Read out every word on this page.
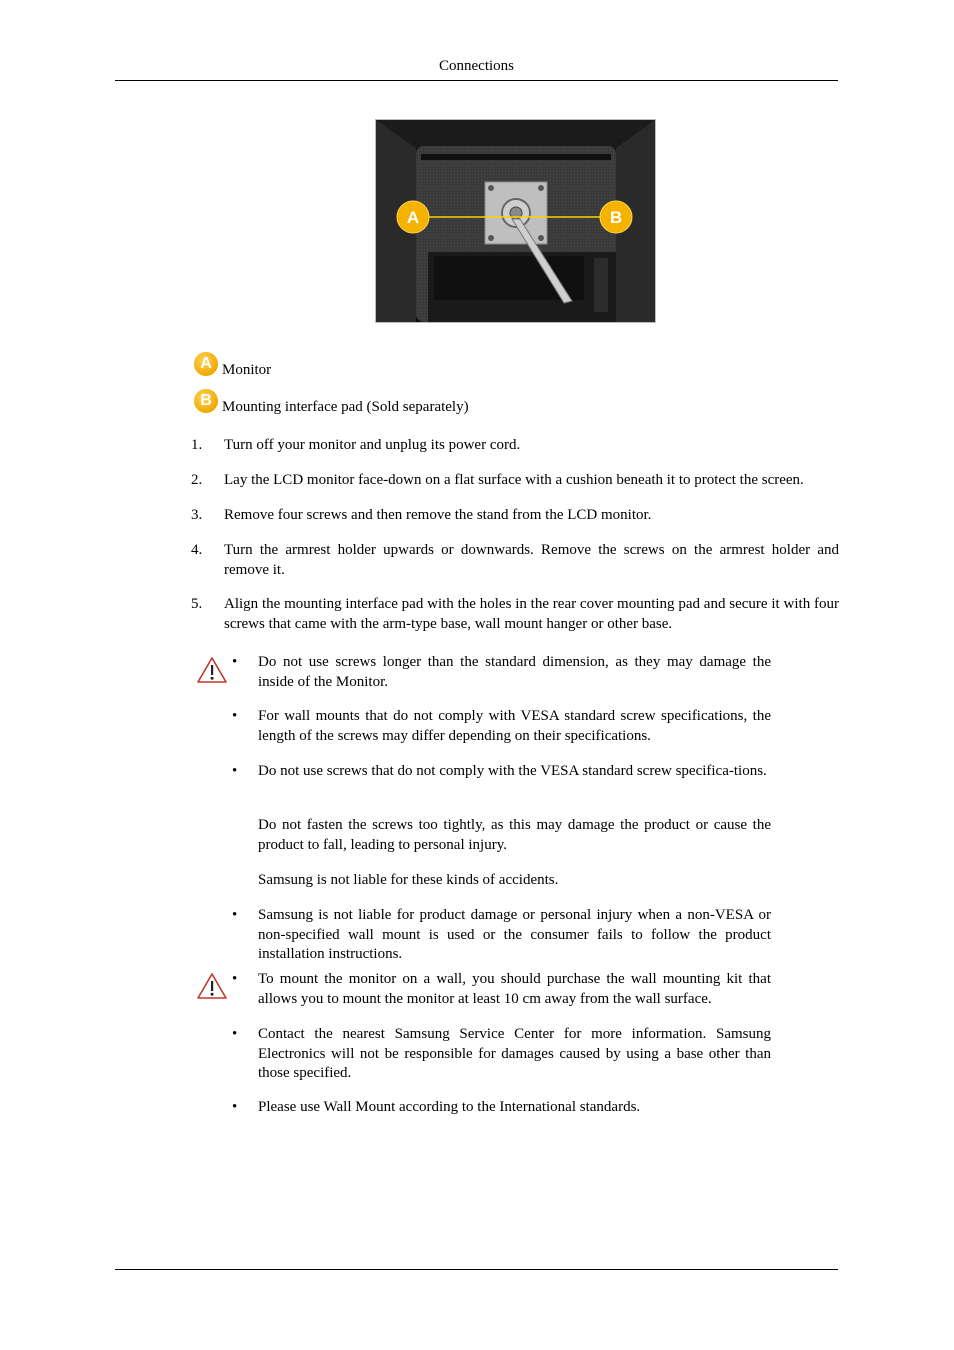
Connections
A	B
A Monitor
B Mounting interface pad (Sold separately)
1.	Turn off your monitor and unplug its power cord.
2.	Lay the LCD monitor face-down on a flat surface with a cushion beneath it to protect the screen.
3.	Remove four screws and then remove the stand from the LCD monitor.
4.	Turn the armrest holder upwards or downwards. Remove the screws on the armrest holder and remove it.
5.	Align the mounting interface pad with the holes in the rear cover mounting pad and secure it with four screws that came with the arm-type base, wall mount hanger or other base.
•	Do not use screws longer than the standard dimension, as they may damage the inside of the Monitor.
•	For wall mounts that do not comply with VESA standard screw specifications, the length of the screws may differ depending on their specifications.
•	Do not use screws that do not comply with the VESA standard screw specifica-tions.
Do not fasten the screws too tightly, as this may damage the product or cause the product to fall, leading to personal injury.
Samsung is not liable for these kinds of accidents.
•	Samsung is not liable for product damage or personal injury when a non-VESA or non-specified wall mount is used or the consumer fails to follow the product installation instructions.
•	To mount the monitor on a wall, you should purchase the wall mounting kit that allows you to mount the monitor at least 10 cm away from the wall surface.
•	Contact the nearest Samsung Service Center for more information. Samsung Electronics will not be responsible for damages caused by using a base other than those specified.
•	Please use Wall Mount according to the International standards.
